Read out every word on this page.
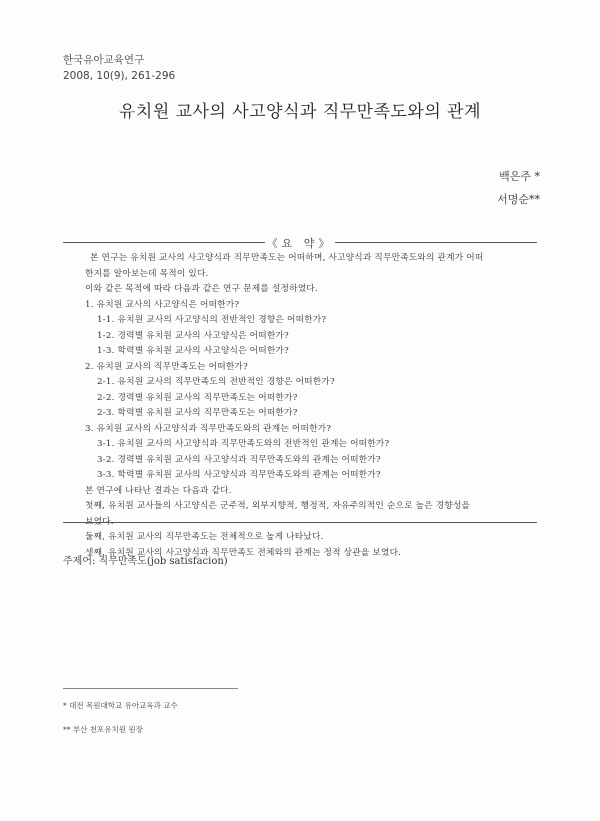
한국유아교육연구
2008, 10(9), 261-296
유치원 교사의 사고양식과 직무만족도와의 관계
백은주 *
서명순**
《요 약》

본 연구는 유치원 교사의 사고양식과 직무만족도는 어떠하며, 사고양식과 직무만족도와의 관계가 어떠

한지를 알아보는데 목적이 있다.

이와 같은 목적에 따라 다음과 같은 연구 문제를 설정하였다.

1. 유치원 교사의 사고양식은 어떠한가?

1-1. 유치원 교사의 사고양식의 전반적인 경향은 어떠한가?

1-2. 경력별 유치원 교사의 사고양식은 어떠한가?

1-3. 학력별 유치원 교사의 사고양식은 어떠한가?

2. 유치원 교사의 직무만족도는 어떠한가?

2-1. 유치원 교사의 직무만족도의 전반적인 경향은 어떠한가?

2-2. 경력별 유치원 교사의 직무만족도는 어떠한가?

2-3. 학력별 유치원 교사의 직무만족도는 어떠한가?

3. 유치원 교사의 사고양식과 직무만족도와의 관계는 어떠한가?

3-1. 유치원 교사의 사고양식과 직무만족도와의 전반적인 관계는 어떠한가?

3-2. 경력별 유치원 교사의 사고양식과 직무만족도와의 관계는 어떠한가?

3-3. 학력별 유치원 교사의 사고양식과 직무만족도와의 관계는 어떠한가?

본 연구에 나타난 결과는 다음과 같다.

첫째, 유치원 교사들의 사고양식은 군주적, 외부지향적, 행정적, 자유주의적인 순으로 높은 경향성을

보였다.

둘째, 유치원 교사의 직무만족도는 전체적으로 높게 나타났다.

셋째, 유치원 교사의 사고양식과 직무만족도 전체와의 관계는 정적 상관을 보였다.

주제어: 직무만족도(job satisfacion)
* 대전 목원대학교 유아교육과 교수
** 부산 천포유치원 원장
